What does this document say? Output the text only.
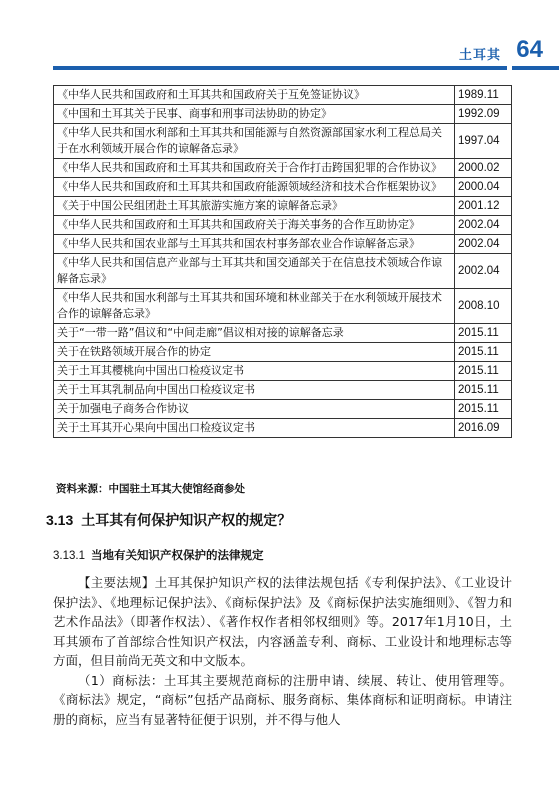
土耳其 64
《中华人民共和国政府和土耳其共和国政府关于互免签证协议》	1989.11
《中国和土耳其关于民事、商事和刑事司法协助的协定》	1992.09
《中华人民共和国水利部和土耳其共和国能源与自然资源部国家水利工程总局关于在水利领域开展合作的谅解备忘录》	1997.04
《中华人民共和国政府和土耳其共和国政府关于合作打击跨国犯罪的合作协议》	2000.02
《中华人民共和国政府和土耳其共和国政府能源领域经济和技术合作框架协议》	2000.04
《关于中国公民组团赴土耳其旅游实施方案的谅解备忘录》	2001.12
《中华人民共和国政府和土耳其共和国政府关于海关事务的合作互助协定》	2002.04
《中华人民共和国农业部与土耳其共和国农村事务部农业合作谅解备忘录》	2002.04
《中华人民共和国信息产业部与土耳其共和国交通部关于在信息技术领域合作谅解备忘录》	2002.04
《中华人民共和国水利部与土耳其共和国环境和林业部关于在水利领域开展技术合作的谅解备忘录》	2008.10
关于“一带一路”倡议和“中间走廊”倡议相对接的谅解备忘录	2015.11
关于在铁路领域开展合作的协定	2015.11
关于土耳其樱桃向中国出口检疫议定书	2015.11
关于土耳其乳制品向中国出口检疫议定书	2015.11
关于加强电子商务合作协议	2015.11
关于土耳其开心果向中国出口检疫议定书	2016.09
资料来源：中国驻土耳其大使馆经商参处
3.13 土耳其有何保护知识产权的规定？
3.13.1 当地有关知识产权保护的法律规定

【主要法规】土耳其保护知识产权的法律法规包括《专利保护法》、《工业设计保护法》、《地理标记保护法》、《商标保护法》及《商标保护法实施细则》、《智力和艺术作品法》（即著作权法）、《著作权作者相邻权细则》等。2017年1月10日，土耳其颁布了首部综合性知识产权法，内容涵盖专利、商标、工业设计和地理标志等方面，但目前尚无英文和中文版本。

（1）商标法：土耳其主要规范商标的注册申请、续展、转让、使用管理等。《商标法》规定，“商标”包括产品商标、服务商标、集体商标和证明商标。申请注册的商标，应当有显著特征便于识别，并不得与他人
